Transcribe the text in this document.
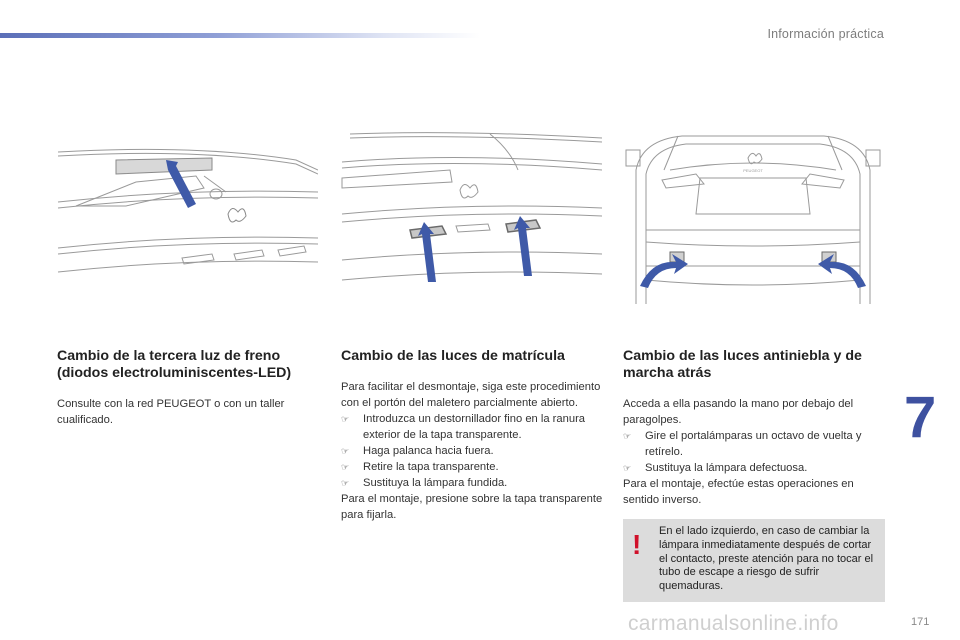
Información práctica
PEUGEOT
Cambio de la tercera luz de freno (diodos electroluminiscentes-LED)

Consulte con la red PEUGEOT o con un taller cualificado.

Cambio de las luces de matrícula

Para facilitar el desmontaje, siga este procedimiento con el portón del maletero parcialmente abierto.

☞ Introduzca un destornillador fino en la ranura exterior de la tapa transparente.
☞ Haga palanca hacia fuera.
☞ Retire la tapa transparente.
☞ Sustituya la lámpara fundida.

Para el montaje, presione sobre la tapa transparente para fijarla.

Cambio de las luces antiniebla y de marcha atrás

Acceda a ella pasando la mano por debajo del paragolpes.

☞ Gire el portalámparas un octavo de vuelta y retírelo.
☞ Sustituya la lámpara defectuosa.

Para el montaje, efectúe estas operaciones en sentido inverso.

! En el lado izquierdo, en caso de cambiar la lámpara inmediatamente después de cortar el contacto, preste atención para no tocar el tubo de escape a riesgo de sufrir quemaduras.

7
carmanualsonline.info	171
